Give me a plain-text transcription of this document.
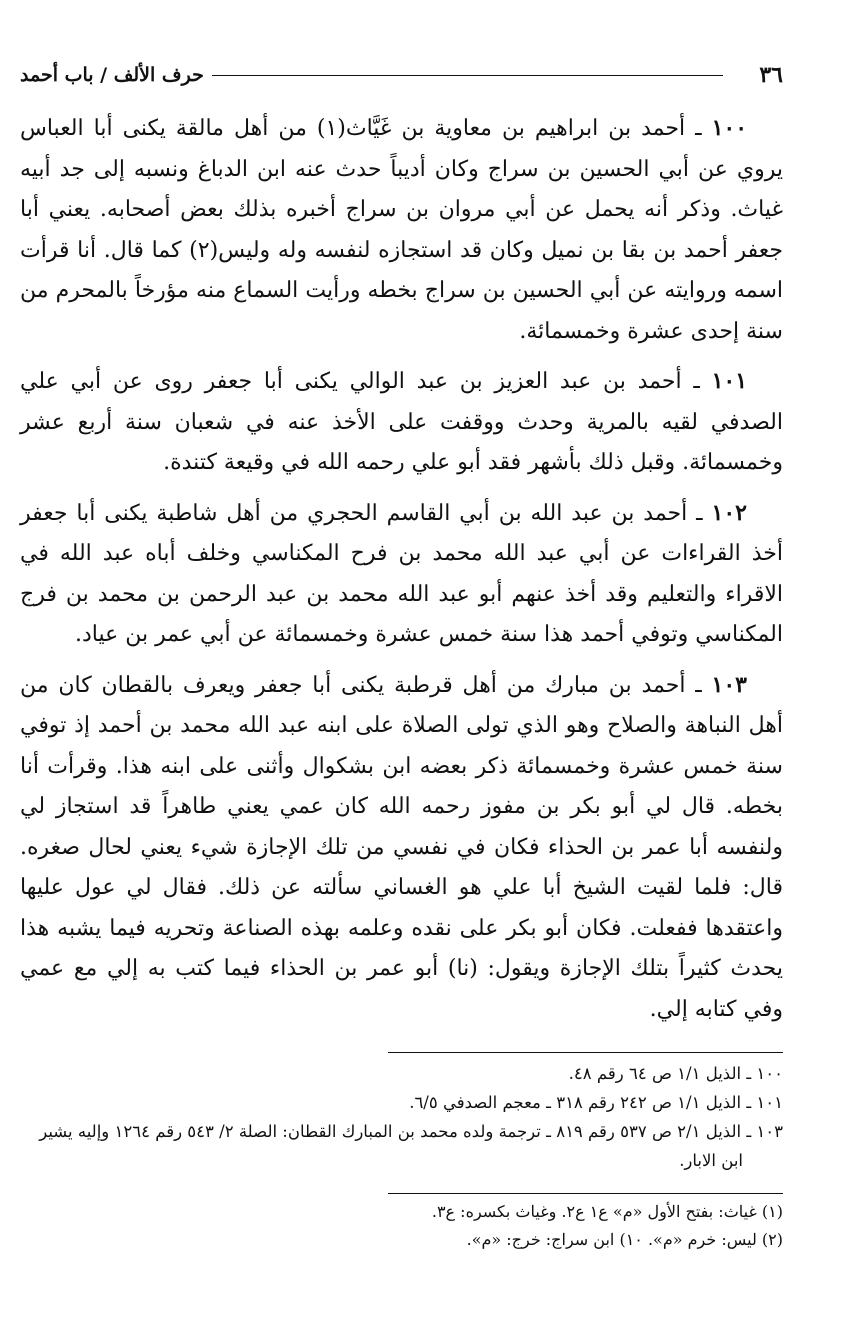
٣٦
حرف الألف / باب أحمد

١٠٠ ـ أحمد بن ابراهيم بن معاوية بن غَيَّاث(١) من أهل مالقة يكنى أبا العباس يروي عن أبي الحسين بن سراج وكان أديباً حدث عنه ابن الدباغ ونسبه إلى جد أبيه غياث. وذكر أنه يحمل عن أبي مروان بن سراج أخبره بذلك بعض أصحابه. يعني أبا جعفر أحمد بن بقا بن نميل وكان قد استجازه لنفسه وله وليس(٢) كما قال. أنا قرأت اسمه وروايته عن أبي الحسين بن سراج بخطه ورأيت السماع منه مؤرخاً بالمحرم من سنة إحدى عشرة وخمسمائة.

١٠١ ـ أحمد بن عبد العزيز بن عبد الوالي يكنى أبا جعفر روى عن أبي علي الصدفي لقيه بالمرية وحدث ووقفت على الأخذ عنه في شعبان سنة أربع عشر وخمسمائة. وقبل ذلك بأشهر فقد أبو علي رحمه الله في وقيعة كتندة.

١٠٢ ـ أحمد بن عبد الله بن أبي القاسم الحجري من أهل شاطبة يكنى أبا جعفر أخذ القراءات عن أبي عبد الله محمد بن فرح المكناسي وخلف أباه عبد الله في الاقراء والتعليم وقد أخذ عنهم أبو عبد الله محمد بن عبد الرحمن بن محمد بن فرج المكناسي وتوفي أحمد هذا سنة خمس عشرة وخمسمائة عن أبي عمر بن عياد.

١٠٣ ـ أحمد بن مبارك من أهل قرطبة يكنى أبا جعفر ويعرف بالقطان كان من أهل النباهة والصلاح وهو الذي تولى الصلاة على ابنه عبد الله محمد بن أحمد إذ توفي سنة خمس عشرة وخمسمائة ذكر بعضه ابن بشكوال وأثنى على ابنه هذا. وقرأت أنا بخطه. قال لي أبو بكر بن مفوز رحمه الله كان عمي يعني طاهراً قد استجاز لي ولنفسه أبا عمر بن الحذاء فكان في نفسي من تلك الإجازة شيء يعني لحال صغره. قال: فلما لقيت الشيخ أبا علي هو الغساني سألته عن ذلك. فقال لي عول عليها واعتقدها ففعلت. فكان أبو بكر على نقده وعلمه بهذه الصناعة وتحريه فيما يشبه هذا يحدث كثيراً بتلك الإجازة ويقول: (نا) أبو عمر بن الحذاء فيما كتب به إلي مع عمي وفي كتابه إلي.

١٠٠ ـ الذيل ١/١ ص ٦٤ رقم ٤٨.

١٠١ ـ الذيل ١/١ ص ٢٤٢ رقم ٣١٨ ـ معجم الصدفي ٦/٥.

١٠٣ ـ الذيل ٢/١ ص ٥٣٧ رقم ٨١٩ ـ ترجمة ولده محمد بن المبارك القطان: الصلة ٢/ ٥٤٣ رقم ١٢٦٤ وإليه يشير ابن الابار.

(١) غياث: بفتح الأول «م» ع١ ع٢. وغياث بكسره: ع٣.

(٢) ليس: خرم «م». ١٠) ابن سراج: خرج: «م».
